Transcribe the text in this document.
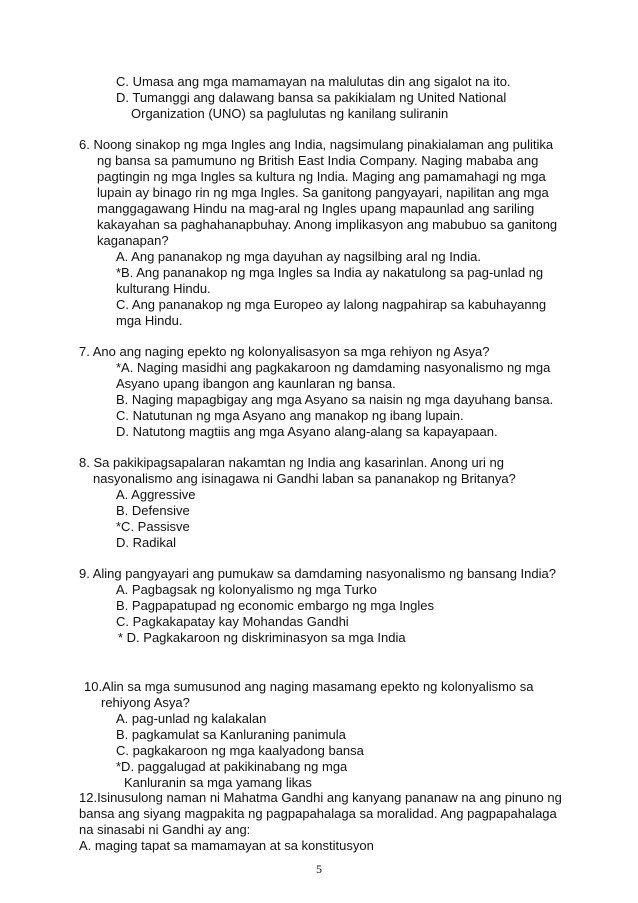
C. Umasa ang mga mamamayan na malulutas din ang sigalot na ito.
D. Tumanggi ang dalawang bansa sa pakikialam ng United National
Organization (UNO) sa paglulutas ng kanilang suliranin
6. Noong sinakop ng mga Ingles ang India, nagsimulang pinakialaman ang pulitika
ng bansa sa pamumuno ng British East India Company. Naging mababa ang
pagtingin ng mga Ingles sa kultura ng India. Maging ang pamamahagi ng mga
lupain ay binago rin ng mga Ingles. Sa ganitong pangyayari, napilitan ang mga
manggagawang Hindu na mag-aral ng Ingles upang mapaunlad ang sariling
kakayahan sa paghahanapbuhay. Anong implikasyon ang mabubuo sa ganitong
kaganapan?
A. Ang pananakop ng mga dayuhan ay nagsilbing aral ng India.
*B. Ang pananakop ng mga Ingles sa India ay nakatulong sa pag-unlad ng
kulturang Hindu.
C. Ang pananakop ng mga Europeo ay lalong nagpahirap sa kabuhayanng
mga Hindu.
7. Ano ang naging epekto ng kolonyalisasyon sa mga rehiyon ng Asya?
*A. Naging masidhi ang pagkakaroon ng damdaming nasyonalismo ng mga
Asyano upang ibangon ang kaunlaran ng bansa.
B. Naging mapagbigay ang mga Asyano sa naisin ng mga dayuhang bansa.
C. Natutunan ng mga Asyano ang manakop ng ibang lupain.
D. Natutong magtiis ang mga Asyano alang-alang sa kapayapaan.
8. Sa pakikipagsapalaran nakamtan ng India ang kasarinlan. Anong uri ng
nasyonalismo ang isinagawa ni Gandhi laban sa pananakop ng Britanya?
A. Aggressive
B. Defensive
*C. Passisve
D. Radikal
9. Aling pangyayari ang pumukaw sa damdaming nasyonalismo ng bansang India?
A. Pagbagsak ng kolonyalismo ng mga Turko
B. Pagpapatupad ng economic embargo ng mga Ingles
C. Pagkakapatay kay Mohandas Gandhi
* D. Pagkakaroon ng diskriminasyon sa mga India
10.Alin sa mga sumusunod ang naging masamang epekto ng kolonyalismo sa
rehiyong Asya?
A. pag-unlad ng kalakalan
B. pagkamulat sa Kanluraning panimula
C. pagkakaroon ng mga kaalyadong bansa
*D. paggalugad at pakikinabang ng mga
Kanluranin sa mga yamang likas
12.Isinusulong naman ni Mahatma Gandhi ang kanyang pananaw na ang pinuno ng
bansa ang siyang magpakita ng pagpapahalaga sa moralidad. Ang pagpapahalaga
na sinasabi ni Gandhi ay ang:
A. maging tapat sa mamamayan at sa konstitusyon
5
